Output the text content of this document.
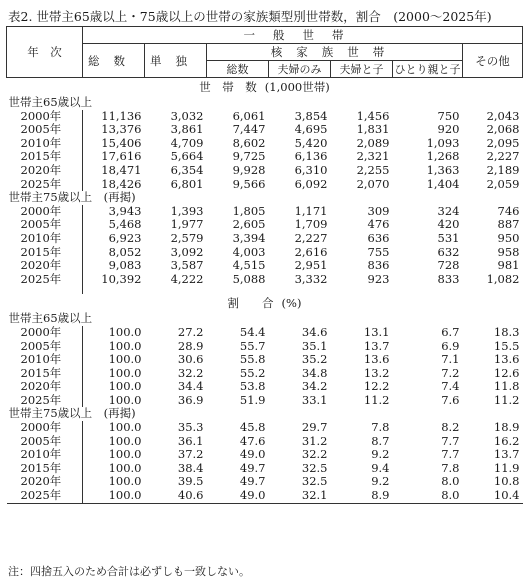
表2. 世帯主65歳以上・75歳以上の世帯の家族類型別世帯数，割合　(2000〜2025年)
年　次	一般世帯						
	総数	単独	核家族世帯				その他
			総数	夫婦のみ	夫婦と子	ひとり親と子	
世　帯　数 (1,000世帯)							
世帯主65歳以上							
2000年	11,136	3,032	6,061	3,854	1,456	750	2,043
2005年	13,376	3,861	7,447	4,695	1,831	920	2,068
2010年	15,406	4,709	8,602	5,420	2,089	1,093	2,095
2015年	17,616	5,664	9,725	6,136	2,321	1,268	2,227
2020年	18,471	6,354	9,928	6,310	2,255	1,363	2,189
2025年	18,426	6,801	9,566	6,092	2,070	1,404	2,059
世帯主75歳以上　(再掲)							
2000年	3,943	1,393	1,805	1,171	309	324	746
2005年	5,468	1,977	2,605	1,709	476	420	887
2010年	6,923	2,579	3,394	2,227	636	531	950
2015年	8,052	3,092	4,003	2,616	755	632	958
2020年	9,083	3,587	4,515	2,951	836	728	981
2025年	10,392	4,222	5,088	3,332	923	833	1,082

割　　合 (%)							
世帯主65歳以上							
2000年	100.0	27.2	54.4	34.6	13.1	6.7	18.3
2005年	100.0	28.9	55.7	35.1	13.7	6.9	15.5
2010年	100.0	30.6	55.8	35.2	13.6	7.1	13.6
2015年	100.0	32.2	55.2	34.8	13.2	7.2	12.6
2020年	100.0	34.4	53.8	34.2	12.2	7.4	11.8
2025年	100.0	36.9	51.9	33.1	11.2	7.6	11.2
世帯主75歳以上　(再掲)							
2000年	100.0	35.3	45.8	29.7	7.8	8.2	18.9
2005年	100.0	36.1	47.6	31.2	8.7	7.7	16.2
2010年	100.0	37.2	49.0	32.2	9.2	7.7	13.7
2015年	100.0	38.4	49.7	32.5	9.4	7.8	11.9
2020年	100.0	39.5	49.7	32.5	9.2	8.0	10.8
2025年	100.0	40.6	49.0	32.1	8.9	8.0	10.4
注：四捨五入のため合計は必ずしも一致しない。
